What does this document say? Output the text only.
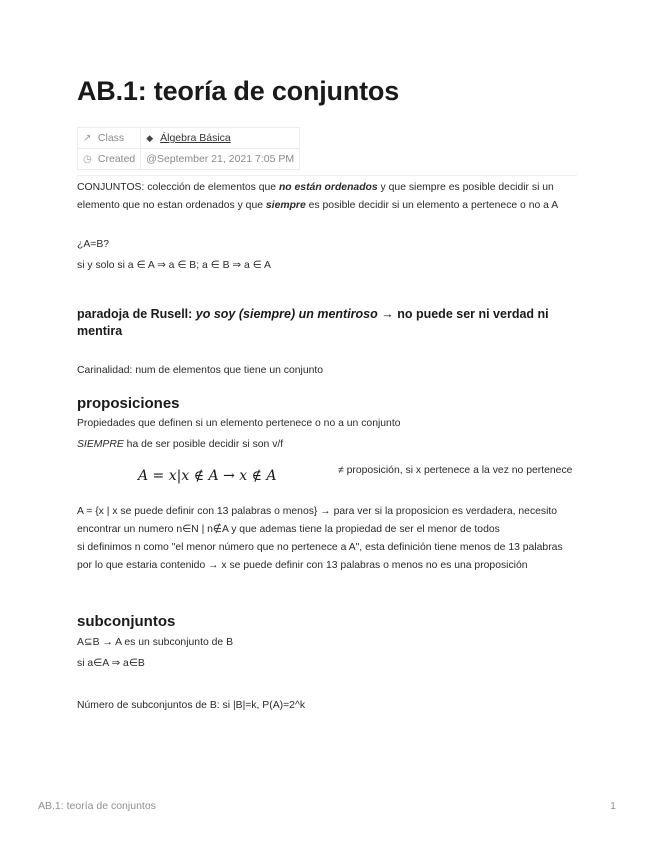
AB.1: teoría de conjuntos
↗ Class	◆ Álgebra Básica
◷ Created	@September 21, 2021 7:05 PM

CONJUNTOS: colección de elementos que no están ordenados y que siempre es posible decidir si un elemento que no estan ordenados y que siempre es posible decidir si un elemento a pertenece o no a A

¿A=B?

si y solo si a ∈ A ⇒ a ∈ B; a ∈ B ⇒ a ∈ A

paradoja de Rusell: yo soy (siempre) un mentiroso → no puede ser ni verdad ni mentira

Carinalidad: num de elementos que tiene un conjunto

proposiciones

Propiedades que definen si un elemento pertenece o no a un conjunto

SIEMPRE ha de ser posible decidir si son v/f

A = x|x ∉ A → x ∉ A	≠ proposición, si x pertenece a la vez no pertenece

A = {x | x se puede definir con 13 palabras o menos} → para ver si la proposicion es verdadera, necesito encontrar un numero n∈N | n∉A y que ademas tiene la propiedad de ser el menor de todos

si definimos n como "el menor número que no pertenece a A", esta definición tiene menos de 13 palabras por lo que estaria contenido → x se puede definir con 13 palabras o menos no es una proposición

subconjuntos

A⊆B → A es un subconjunto de B

si a∈A ⇒ a∈B

Número de subconjuntos de B: si |B|=k, P(A)=2^k

AB.1: teoría de conjuntos	1
